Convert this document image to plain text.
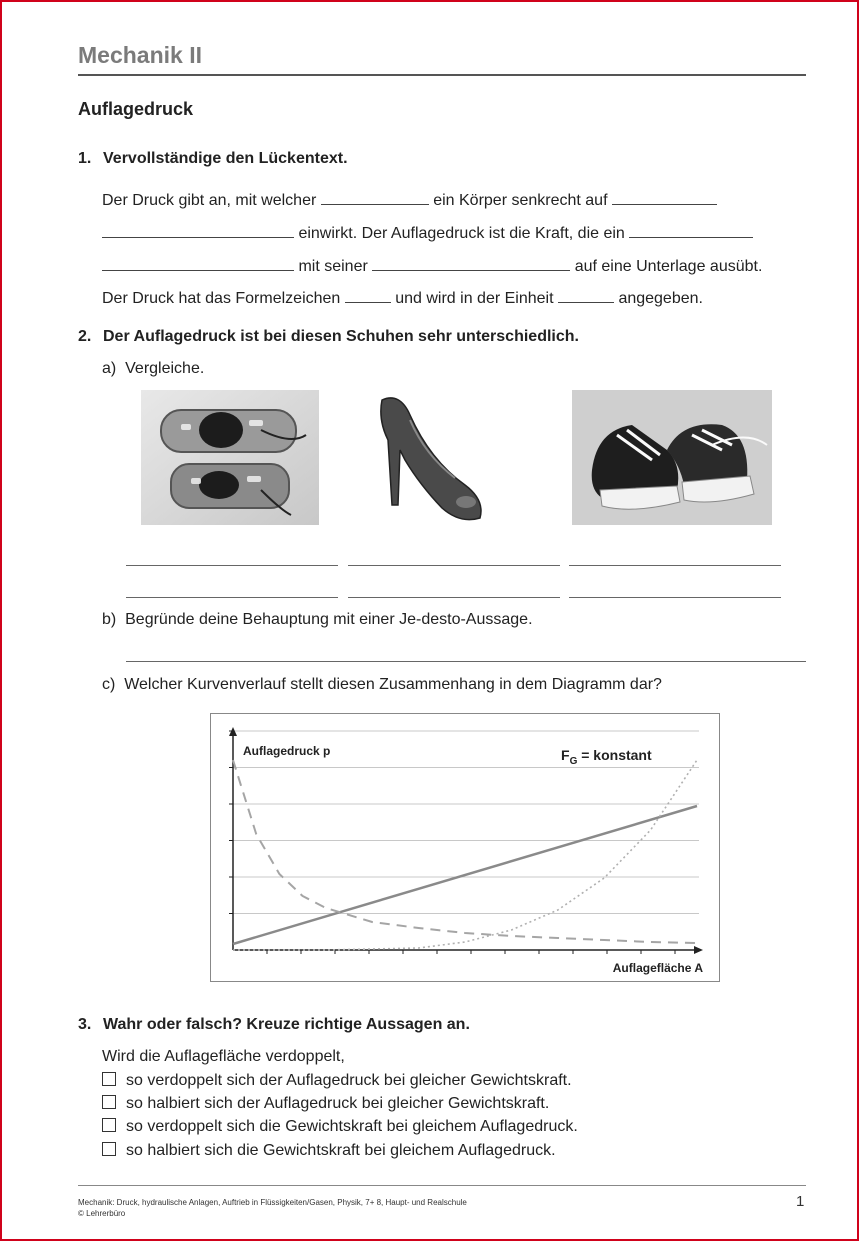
Mechanik II
Auflagedruck
1. Vervollständige den Lückentext.
Der Druck gibt an, mit welcher	ein Körper senkrecht auf
einwirkt. Der Auflagedruck ist die Kraft, die ein
mit seiner	auf eine Unterlage ausübt.
Der Druck hat das Formelzeichen	und wird in der Einheit	angegeben.
2. Der Auflagedruck ist bei diesen Schuhen sehr unterschiedlich.
a) Vergleiche.
b) Begründe deine Behauptung mit einer Je-desto-Aussage.
c) Welcher Kurvenverlauf stellt diesen Zusammenhang in dem Diagramm dar?
Auflagedruck p
Auflagefläche A
$F_G$ = konstant
3. Wahr oder falsch? Kreuze richtige Aussagen an.
Wird die Auflagefläche verdoppelt,
so verdoppelt sich der Auflagedruck bei gleicher Gewichtskraft.
so halbiert sich der Auflagedruck bei gleicher Gewichtskraft.
so verdoppelt sich die Gewichtskraft bei gleichem Auflagedruck.
so halbiert sich die Gewichtskraft bei gleichem Auflagedruck.
Mechanik: Druck, hydraulische Anlagen, Auftrieb in Flüssigkeiten/Gasen, Physik, 7+ 8, Haupt- und Realschule
© Lehrerbüro
1
